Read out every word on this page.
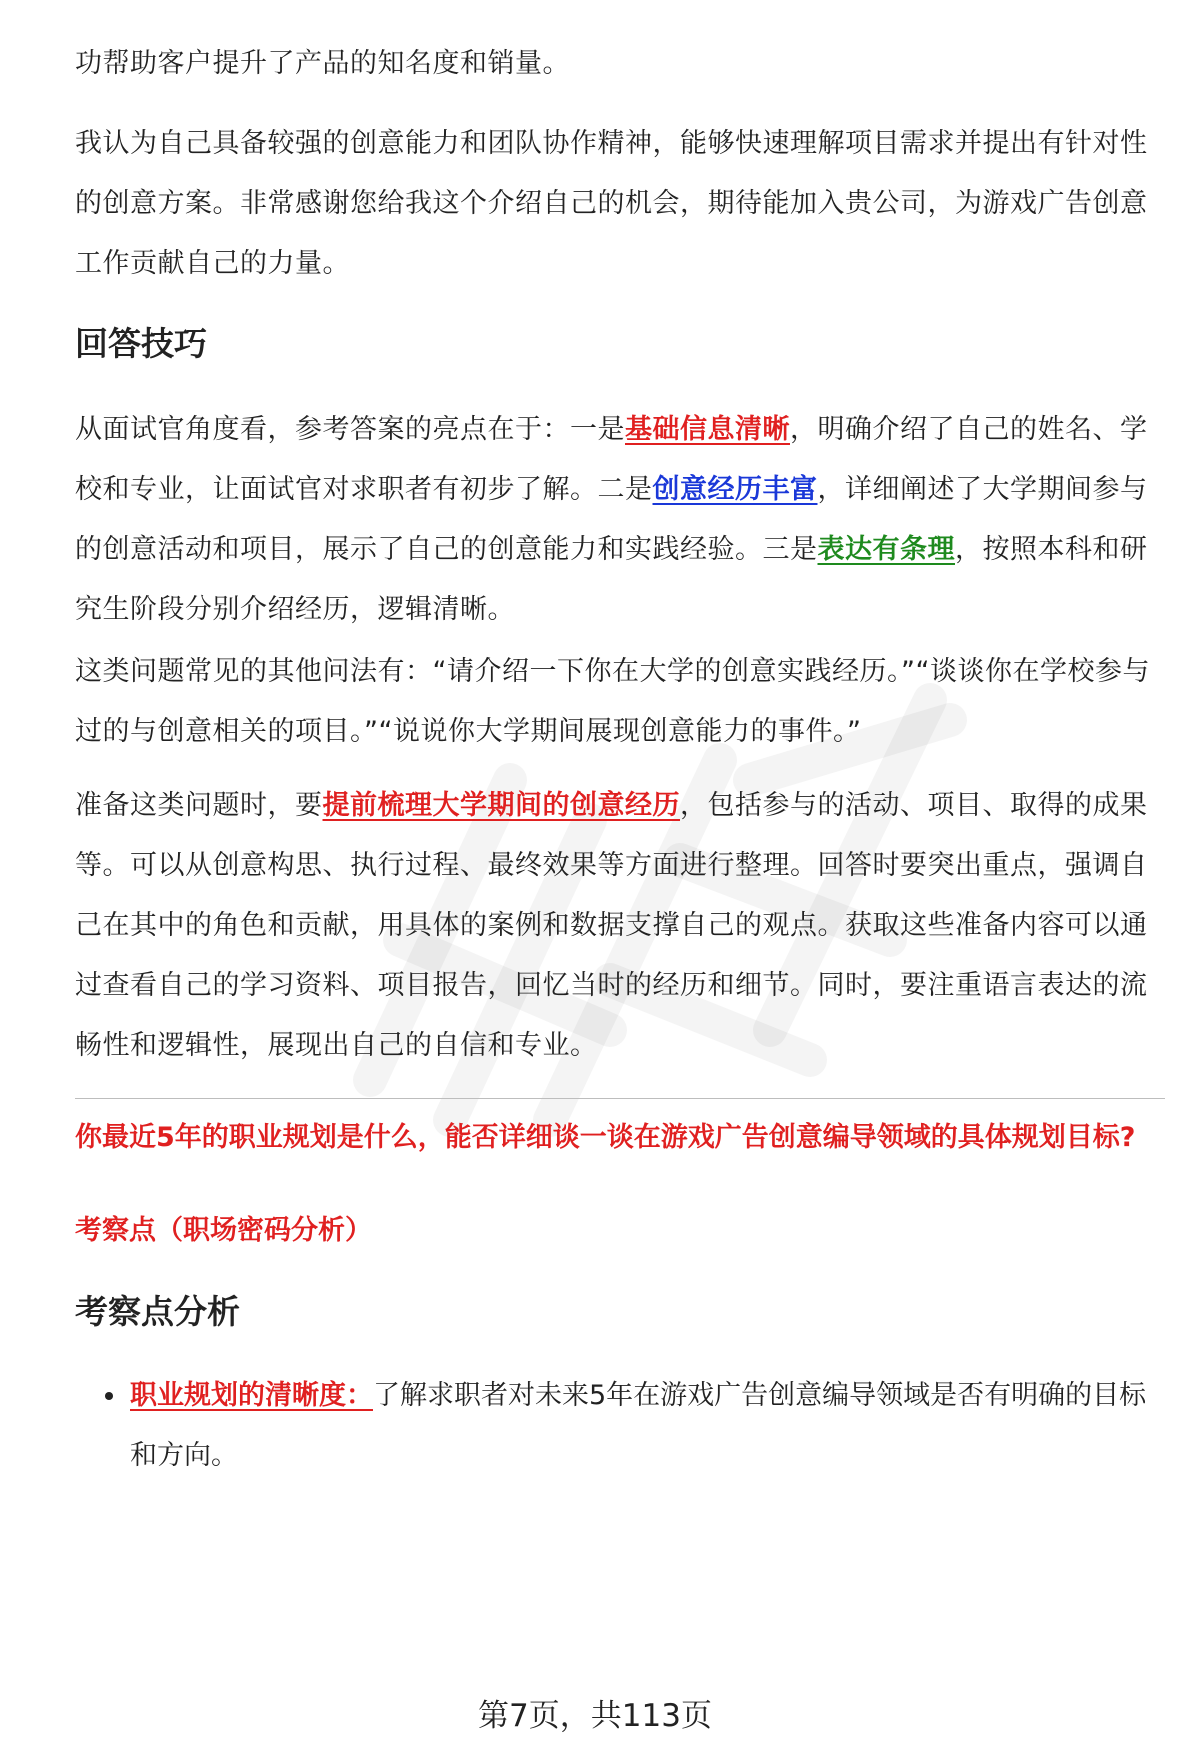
功帮助客户提升了产品的知名度和销量。

我认为自己具备较强的创意能力和团队协作精神，能够快速理解项目需求并提出有针对性的创意方案。非常感谢您给我这个介绍自己的机会，期待能加入贵公司，为游戏广告创意工作贡献自己的力量。

回答技巧

从面试官角度看，参考答案的亮点在于：一是基础信息清晰，明确介绍了自己的姓名、学校和专业，让面试官对求职者有初步了解。二是创意经历丰富，详细阐述了大学期间参与的创意活动和项目，展示了自己的创意能力和实践经验。三是表达有条理，按照本科和研究生阶段分别介绍经历，逻辑清晰。

这类问题常见的其他问法有：“请介绍一下你在大学的创意实践经历。”“谈谈你在学校参与过的与创意相关的项目。”“说说你大学期间展现创意能力的事件。”

准备这类问题时，要提前梳理大学期间的创意经历，包括参与的活动、项目、取得的成果等。可以从创意构思、执行过程、最终效果等方面进行整理。回答时要突出重点，强调自己在其中的角色和贡献，用具体的案例和数据支撑自己的观点。获取这些准备内容可以通过查看自己的学习资料、项目报告，回忆当时的经历和细节。同时，要注重语言表达的流畅性和逻辑性，展现出自己的自信和专业。

你最近5年的职业规划是什么，能否详细谈一谈在游戏广告创意编导领域的具体规划目标?

考察点（职场密码分析）

考察点分析

职业规划的清晰度：了解求职者对未来5年在游戏广告创意编导领域是否有明确的目标和方向。

第7页，共113页
